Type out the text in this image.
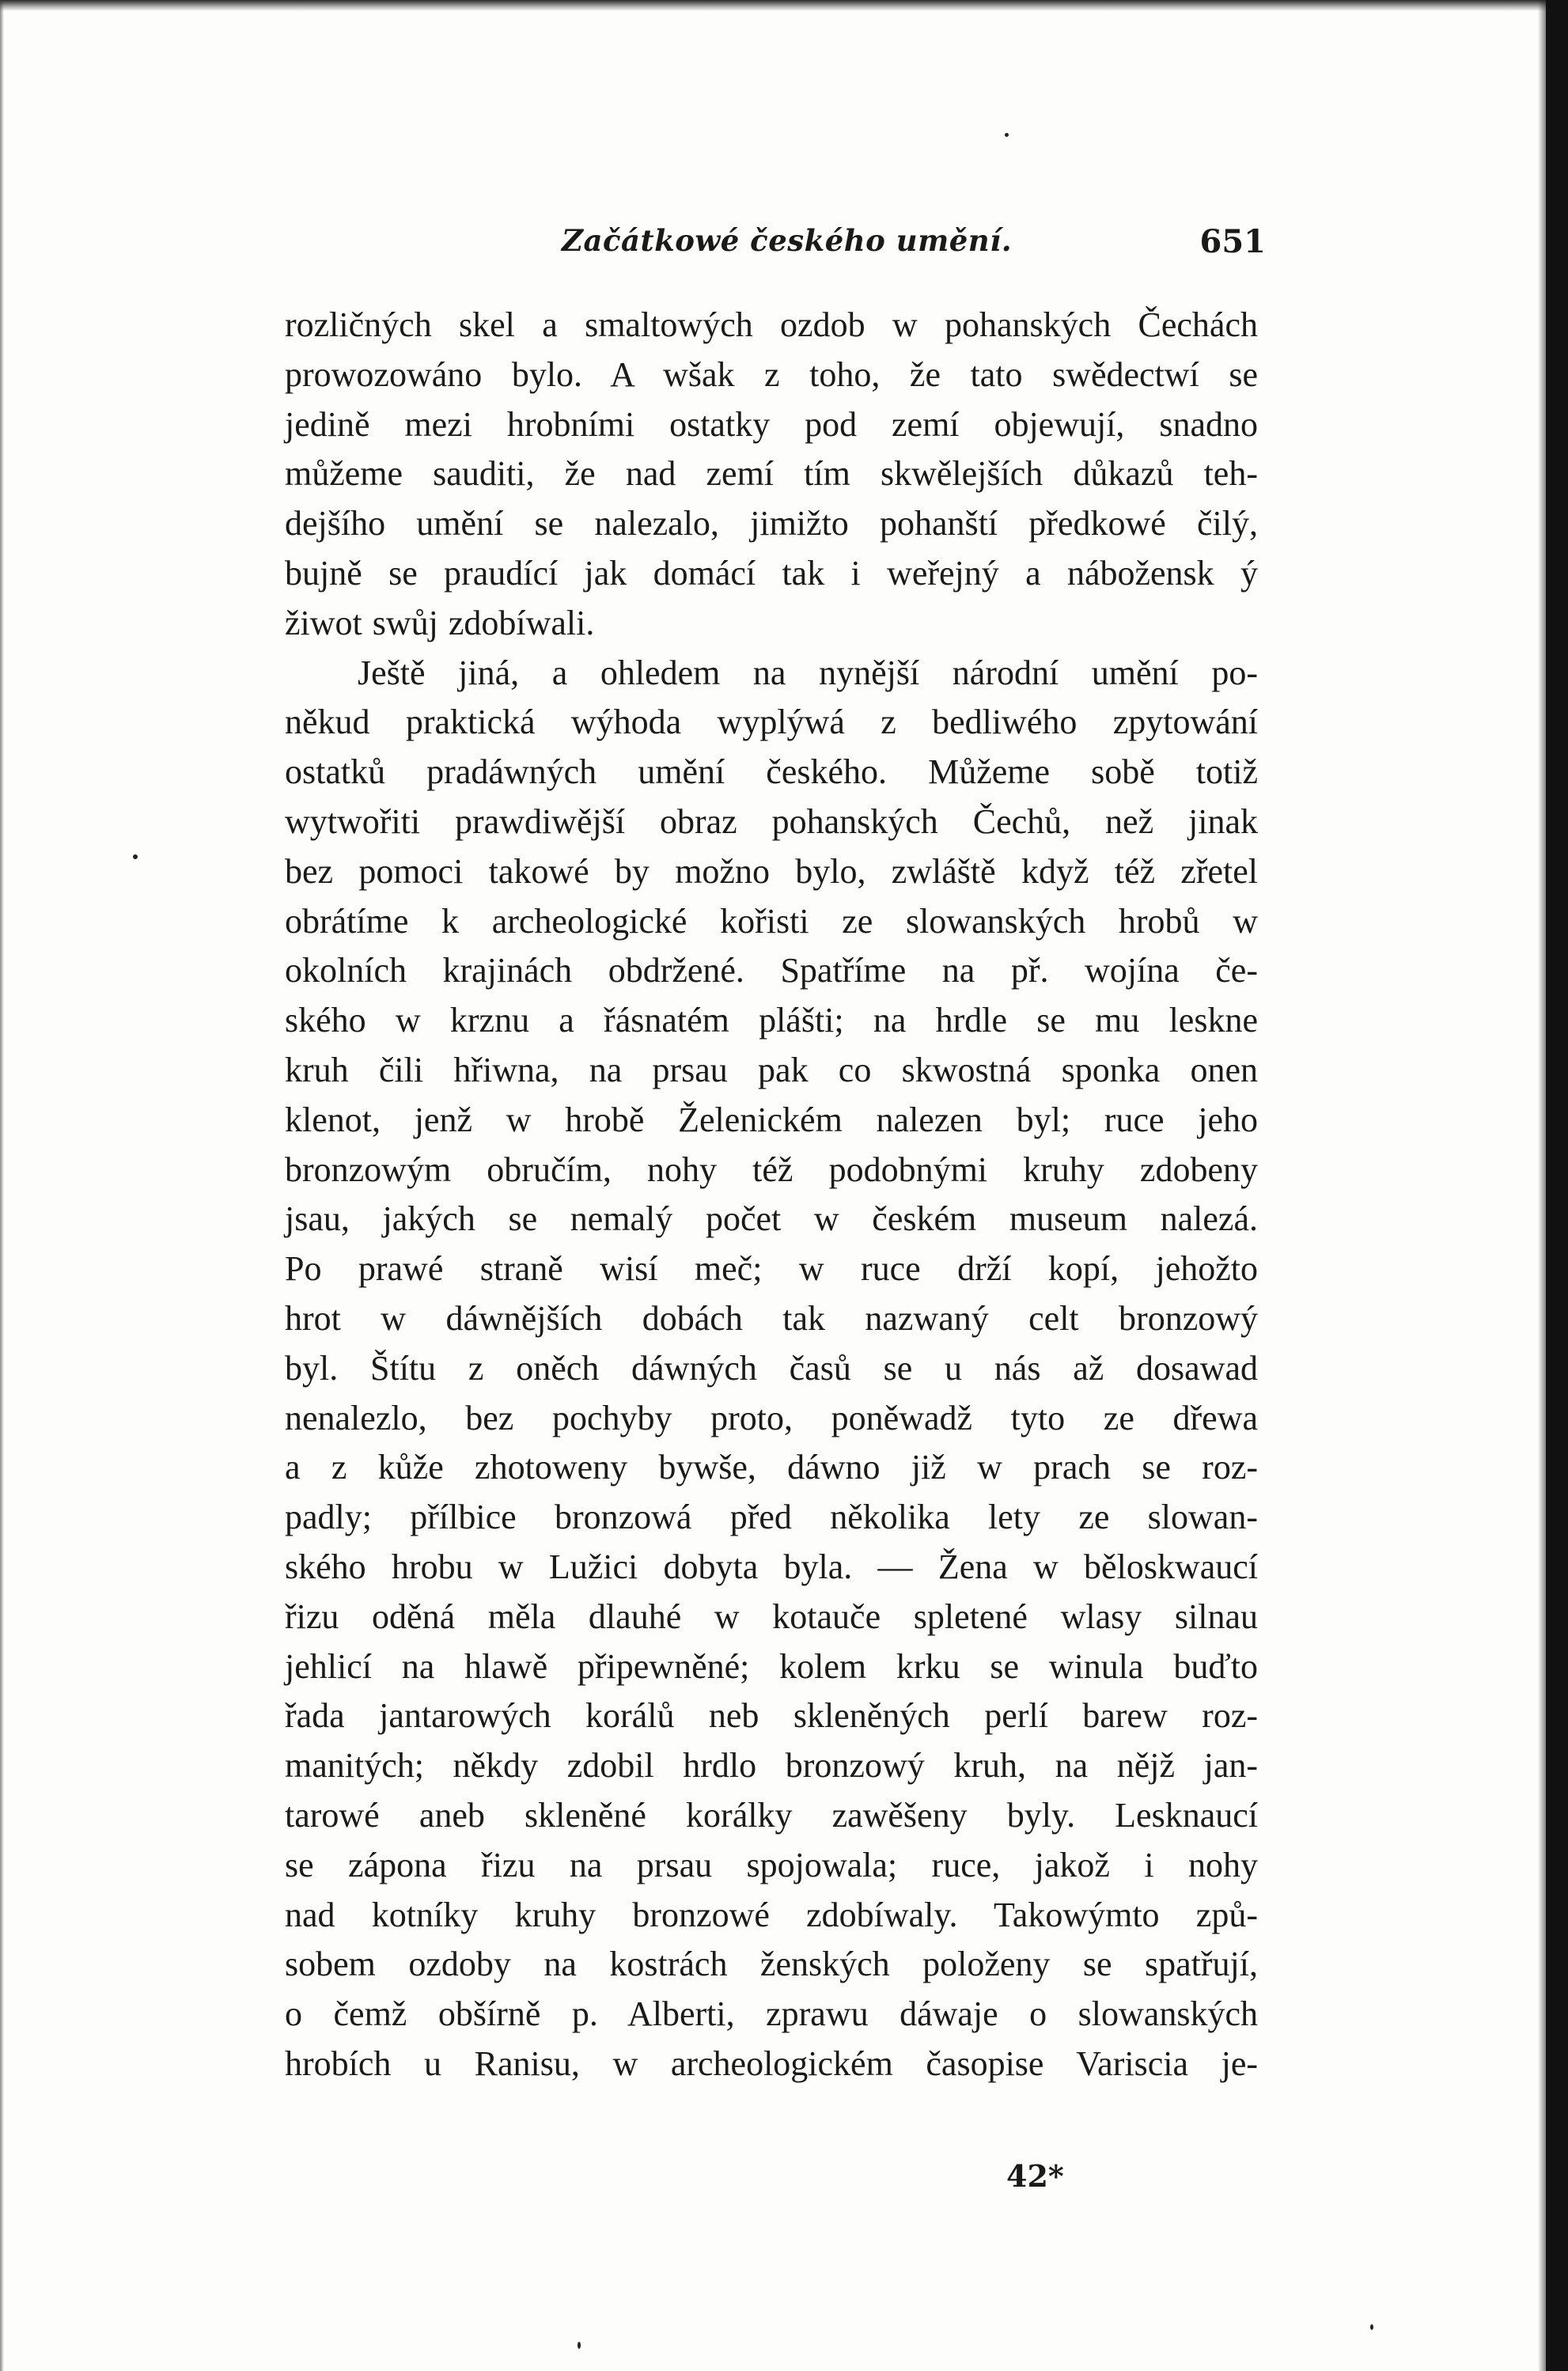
Začátkowé českého umění.	651
rozličných skel a smaltowých ozdob w pohanských Čechách
prowozowáno bylo. A wšak z toho, že tato swědectwí se
jedině mezi hrobními ostatky pod zemí objewují, snadno
můžeme sauditi, že nad zemí tím skwělejších důkazů teh-
dejšího umění se nalezalo, jimižto pohanští předkowé čilý,
bujně se praudící jak domácí tak i weřejný a nábožensk ý
žiwot swůj zdobíwali.
Ještě jiná, a ohledem na nynější národní umění po-
někud praktická wýhoda wyplýwá z bedliwého zpytowání
ostatků pradáwných umění českého. Můžeme sobě totiž
wytwořiti prawdiwější obraz pohanských Čechů, než jinak
bez pomoci takowé by možno bylo, zwláště když též zřetel
obrátíme k archeologické kořisti ze slowanských hrobů w
okolních krajinách obdržené. Spatříme na př. wojína če-
ského w krznu a řásnatém plášti; na hrdle se mu leskne
kruh čili hřiwna, na prsau pak co skwostná sponka onen
klenot, jenž w hrobě Želenickém nalezen byl; ruce jeho
bronzowým obručím, nohy též podobnými kruhy zdobeny
jsau, jakých se nemalý počet w českém museum nalezá.
Po prawé straně wisí meč; w ruce drží kopí, jehožto
hrot w dáwnějších dobách tak nazwaný celt bronzowý
byl. Štítu z oněch dáwných časů se u nás až dosawad
nenalezlo, bez pochyby proto, poněwadž tyto ze dřewa
a z kůže zhotoweny bywše, dáwno již w prach se roz-
padly; přílbice bronzowá před několika lety ze slowan-
ského hrobu w Lužici dobyta byla. — Žena w běloskwaucí
řizu oděná měla dlauhé w kotauče spletené wlasy silnau
jehlicí na hlawě připewněné; kolem krku se winula buďto
řada jantarowých korálů neb skleněných perlí barew roz-
manitých; někdy zdobil hrdlo bronzowý kruh, na nějž jan-
tarowé aneb skleněné korálky zawěšeny byly. Lesknaucí
se zápona řizu na prsau spojowala; ruce, jakož i nohy
nad kotníky kruhy bronzowé zdobíwaly. Takowýmto způ-
sobem ozdoby na kostrách ženských položeny se spatřují,
o čemž obšírně p. Alberti, zprawu dáwaje o slowanských
hrobích u Ranisu, w archeologickém časopise Variscia je-
42*
